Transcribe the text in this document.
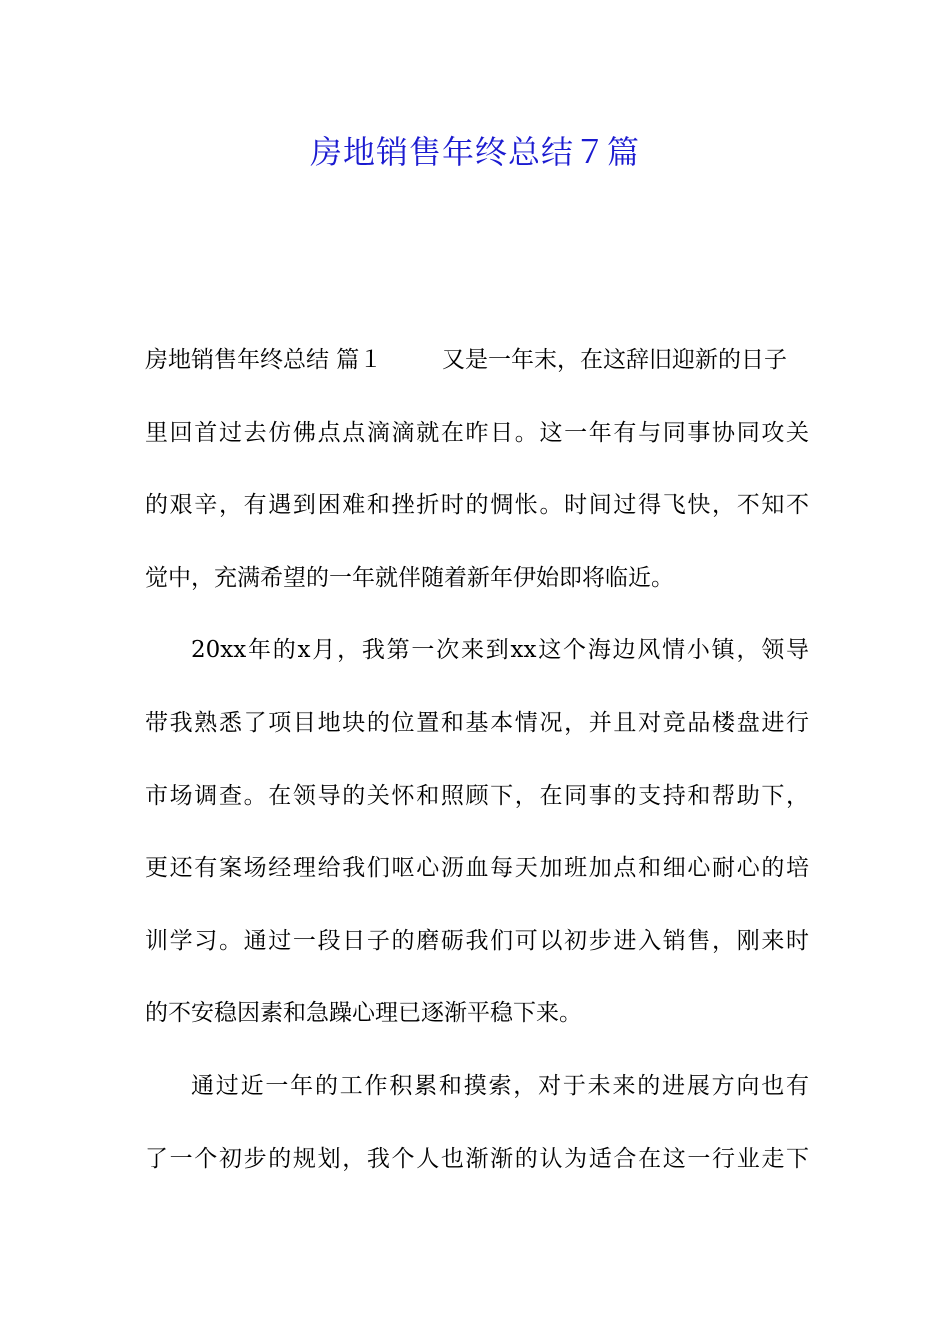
房地销售年终总结７篇
房地销售年终总结 篇１	又是一年末，在这辞旧迎新的日子
里回首过去仿佛点点滴滴就在昨日。这一年有与同事协同攻关
的艰辛，有遇到困难和挫折时的惆怅。时间过得飞快，不知不
觉中，充满希望的一年就伴随着新年伊始即将临近。
20xx年的x月，我第一次来到xx这个海边风情小镇，领导
带我熟悉了项目地块的位置和基本情况，并且对竞品楼盘进行
市场调查。在领导的关怀和照顾下，在同事的支持和帮助下，
更还有案场经理给我们呕心沥血每天加班加点和细心耐心的培
训学习。通过一段日子的磨砺我们可以初步进入销售，刚来时
的不安稳因素和急躁心理已逐渐平稳下来。
通过近一年的工作积累和摸索，对于未来的进展方向也有
了一个初步的规划，我个人也渐渐的认为适合在这一行业走下
